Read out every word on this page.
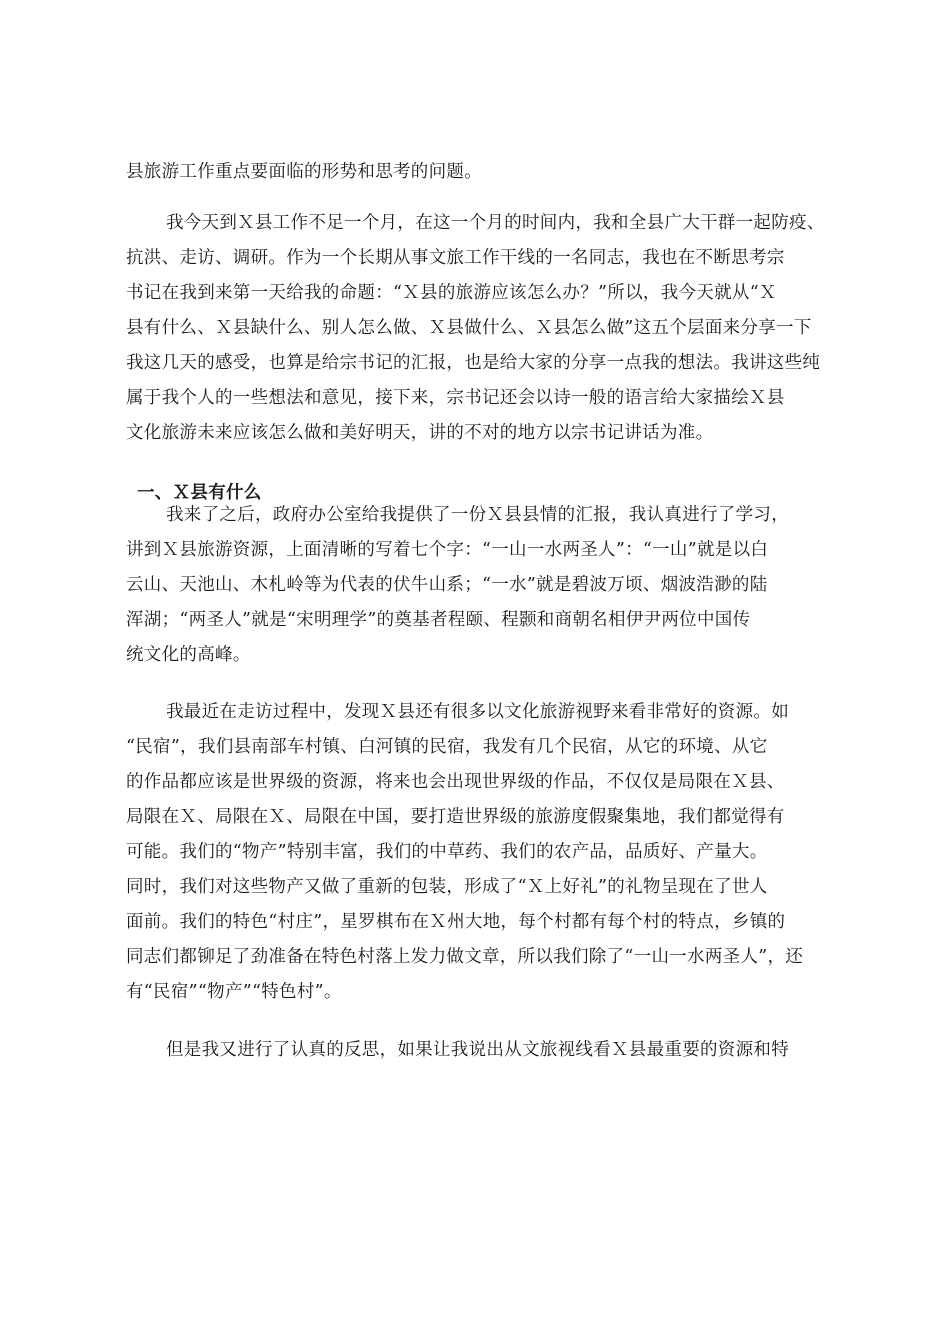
县旅游工作重点要面临的形势和思考的问题。
我今天到Ｘ县工作不足一个月，在这一个月的时间内，我和全县广大干群一起防疫、
抗洪、走访、调研。作为一个长期从事文旅工作干线的一名同志，我也在不断思考宗
书记在我到来第一天给我的命题：“Ｘ县的旅游应该怎么办？”所以，我今天就从“Ｘ
县有什么、Ｘ县缺什么、别人怎么做、Ｘ县做什么、Ｘ县怎么做”这五个层面来分享一下
我这几天的感受，也算是给宗书记的汇报，也是给大家的分享一点我的想法。我讲这些纯
属于我个人的一些想法和意见，接下来，宗书记还会以诗一般的语言给大家描绘Ｘ县
文化旅游未来应该怎么做和美好明天，讲的不对的地方以宗书记讲话为准。
一、Ｘ县有什么
我来了之后，政府办公室给我提供了一份Ｘ县县情的汇报，我认真进行了学习，
讲到Ｘ县旅游资源，上面清晰的写着七个字：“一山一水两圣人”：“一山”就是以白
云山、天池山、木札岭等为代表的伏牛山系；“一水”就是碧波万顷、烟波浩渺的陆
浑湖；“两圣人”就是“宋明理学”的奠基者程颐、程颢和商朝名相伊尹两位中国传
统文化的高峰。
我最近在走访过程中，发现Ｘ县还有很多以文化旅游视野来看非常好的资源。如
“民宿”，我们县南部车村镇、白河镇的民宿，我发有几个民宿，从它的环境、从它
的作品都应该是世界级的资源，将来也会出现世界级的作品，不仅仅是局限在Ｘ县、
局限在Ｘ、局限在Ｘ、局限在中国，要打造世界级的旅游度假聚集地，我们都觉得有
可能。我们的“物产”特别丰富，我们的中草药、我们的农产品，品质好、产量大。
同时，我们对这些物产又做了重新的包装，形成了“Ｘ上好礼”的礼物呈现在了世人
面前。我们的特色“村庄”，星罗棋布在Ｘ州大地，每个村都有每个村的特点，乡镇的
同志们都铆足了劲准备在特色村落上发力做文章，所以我们除了“一山一水两圣人”，还
有“民宿”“物产”“特色村”。
但是我又进行了认真的反思，如果让我说出从文旅视线看Ｘ县最重要的资源和特
